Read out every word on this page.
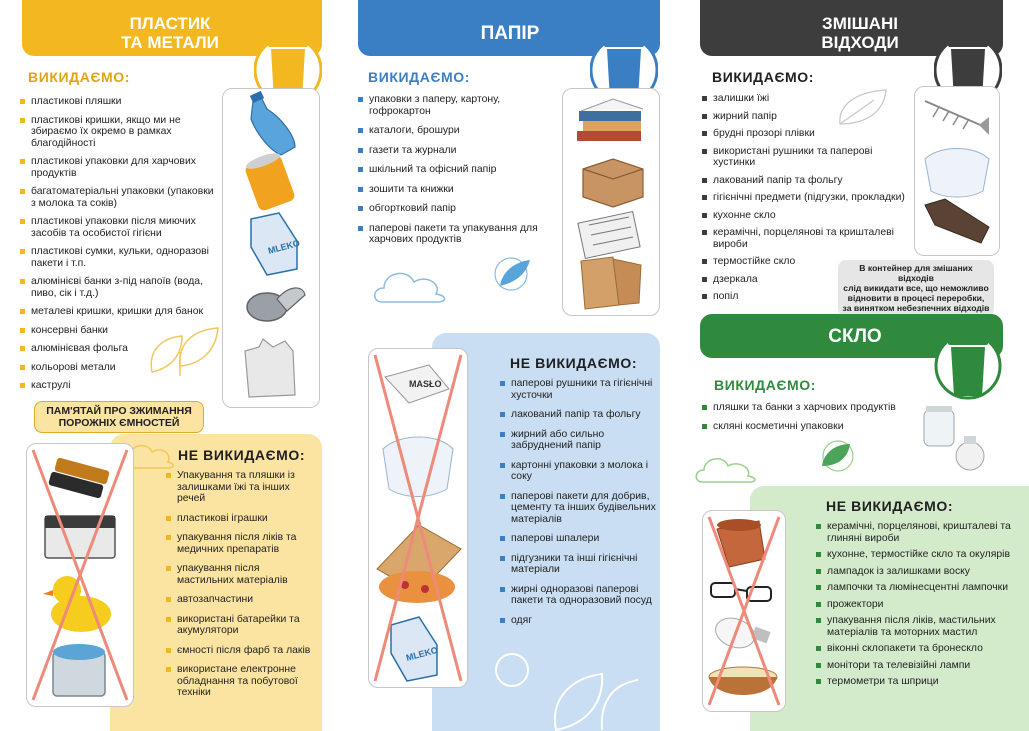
ПЛАСТИК
ТА МЕТАЛИ
ВИКИДАЄМО:
пластикові пляшки
пластикові кришки, якщо ми не збираємо їх окремо в рамках благодійності
пластикові упаковки для харчових продуктів
багатоматеріальні упаковки (упаковки з молока та соків)
пластикові упаковки після миючих засобів та особистої гігієни
пластикові сумки, кульки, одноразові пакети і т.п.
алюмінієві банки з-під напоїв (вода, пиво, сік і т.д.)
металеві кришки, кришки для банок
консервні банки
алюмінієвая фольга
кольорові метали
каструлі
MLEKO
ПАМ'ЯТАЙ ПРО ЗЖИМАННЯ
ПОРОЖНІХ ЄМНОСТЕЙ
НЕ ВИКИДАЄМО:
Упакування та пляшки із залишками їжі та інших речей
пластикові іграшки
упакування після ліків та медичних препаратів
упакування після мастильних матеріалів
автозапчастини
використані батарейки та акумулятори
ємності після фарб та лаків
використане електронне обладнання та побутової техніки
ПАПІР
ВИКИДАЄМО:
упаковки з паперу, картону, гофрокартон
каталоги, брошури
газети та журнали
шкільний та офісний папір
зошити та книжки
обгортковий папір
паперові пакети та упакування для харчових продуктів
НЕ ВИКИДАЄМО:
паперові рушники та гігієнічні хусточки
лакований папір та фольгу
жирний або сильно забруднений папір
картонні упаковки з молока і соку
паперові пакети для добрив, цементу та інших будівельних матеріалів
паперові шпалери
підгузники та інші гігієнічні матеріали
жирні одноразові паперові пакети та одноразовий посуд
одяг
MASŁO
MLEKO
ЗМІШАНІ
ВІДХОДИ
ВИКИДАЄМО:
залишки їжі
жирний папір
брудні прозорі плівки
використані рушники та паперові хустинки
лакований папір та фольгу
гігієнічні предмети (підгузки, прокладки)
кухонне скло
керамічні, порцелянові та кришталеві вироби
термостійке скло
дзеркала
попіл
В контейнер для змішаних відходів
слід викидати все, що неможливо
відновити в процесі переробки,
за винятком небезпечних відходів
СКЛО
ВИКИДАЄМО:
пляшки та банки з харчових продуктів
скляні косметичні упаковки
НЕ ВИКИДАЄМО:
керамічні, порцелянові, кришталеві та глиняні вироби
кухонне, термостійке скло та окулярів
лампадок із залишками воску
лампочки та люмінесцентні лампочки
прожектори
упакування після ліків, мастильних матеріалів та моторних мастил
віконні склопакети та бронескло
монітори та телевізійні лампи
термометри та шприци
